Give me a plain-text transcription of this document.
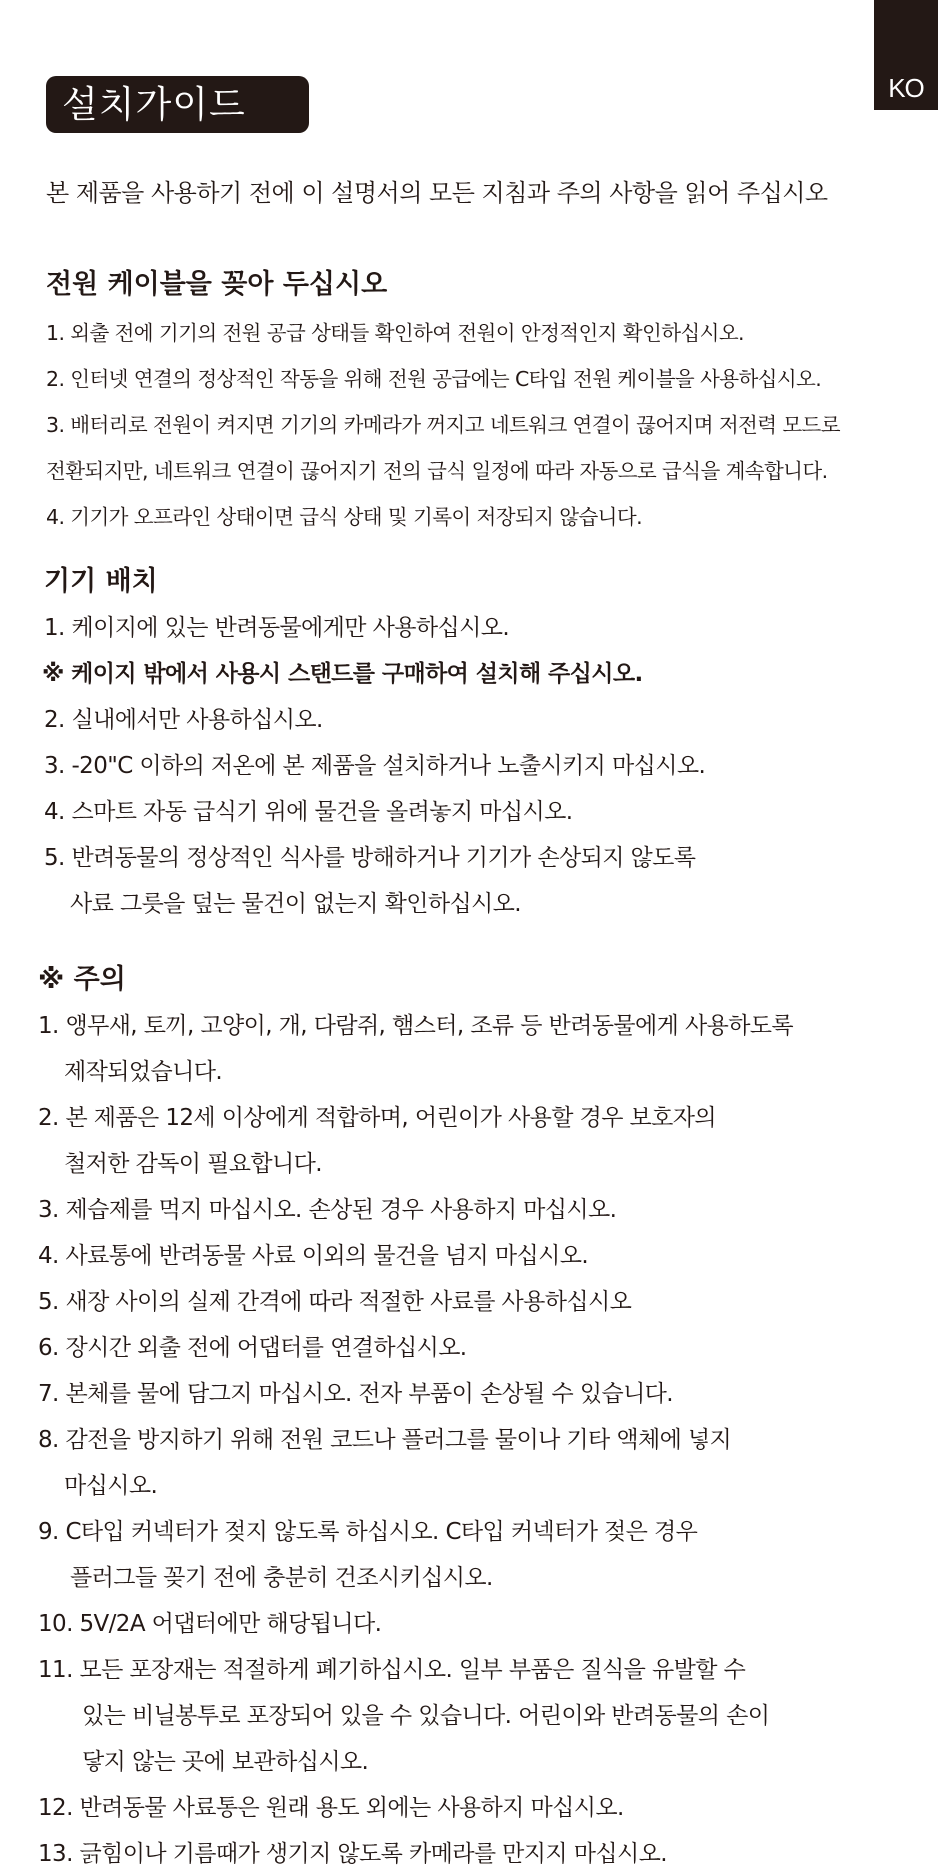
KO
설치가이드
본 제품을 사용하기 전에 이 설명서의 모든 지침과 주의 사항을 읽어 주십시오
전원 케이블을 꽂아 두십시오
1. 외출 전에 기기의 전원 공급 상태들 확인하여 전원이 안정적인지 확인하십시오.
2. 인터넷 연결의 정상적인 작동을 위해 전원 공급에는 C타입 전원 케이블을 사용하십시오.
3. 배터리로 전원이 켜지면 기기의 카메라가 꺼지고 네트워크 연결이 끊어지며 저전력 모드로
전환되지만, 네트워크 연결이 끊어지기 전의 급식 일정에 따라 자동으로 급식을 계속합니다.
4. 기기가 오프라인 상태이면 급식 상태 및 기록이 저장되지 않습니다.
기기 배치
1. 케이지에 있는 반려동물에게만 사용하십시오.
※ 케이지 밖에서 사용시 스탠드를 구매하여 설치해 주십시오.
2. 실내에서만 사용하십시오.
3. -20"C 이하의 저온에 본 제품을 설치하거나 노출시키지 마십시오.
4. 스마트 자동 급식기 위에 물건을 올려놓지 마십시오.
5. 반려동물의 정상적인 식사를 방해하거나 기기가 손상되지 않도록
사료 그릇을 덮는 물건이 없는지 확인하십시오.
※ 주의
1. 앵무새, 토끼, 고양이, 개, 다람쥐, 햄스터, 조류 등 반려동물에게 사용하도록
제작되었습니다.
2. 본 제품은 12세 이상에게 적합하며, 어린이가 사용할 경우 보호자의
철저한 감독이 필요합니다.
3. 제습제를 먹지 마십시오. 손상된 경우 사용하지 마십시오.
4. 사료통에 반려동물 사료 이외의 물건을 넘지 마십시오.
5. 새장 사이의 실제 간격에 따라 적절한 사료를 사용하십시오
6. 장시간 외출 전에 어댑터를 연결하십시오.
7. 본체를 물에 담그지 마십시오. 전자 부품이 손상될 수 있습니다.
8. 감전을 방지하기 위해 전원 코드나 플러그를 물이나 기타 액체에 넣지
마십시오.
9. C타입 커넥터가 젖지 않도록 하십시오. C타입 커넥터가 젖은 경우
플러그들 꽂기 전에 충분히 건조시키십시오.
10. 5V/2A 어댑터에만 해당됩니다.
11. 모든 포장재는 적절하게 폐기하십시오. 일부 부품은 질식을 유발할 수
있는 비닐봉투로 포장되어 있을 수 있습니다. 어린이와 반려동물의 손이
닿지 않는 곳에 보관하십시오.
12. 반려동물 사료통은 원래 용도 외에는 사용하지 마십시오.
13. 긁힘이나 기름때가 생기지 않도록 카메라를 만지지 마십시오.
